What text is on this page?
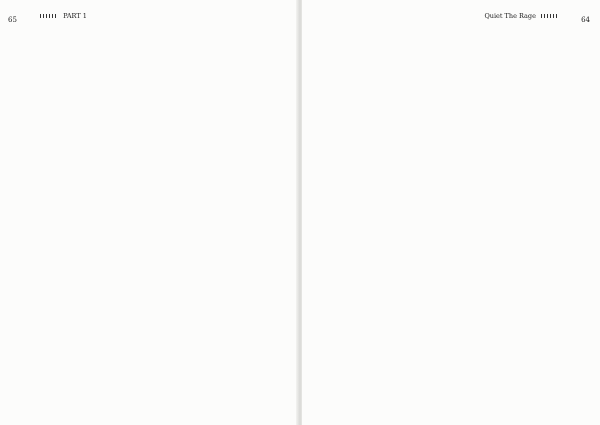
65	PART 1	64
Quiet The Rage
